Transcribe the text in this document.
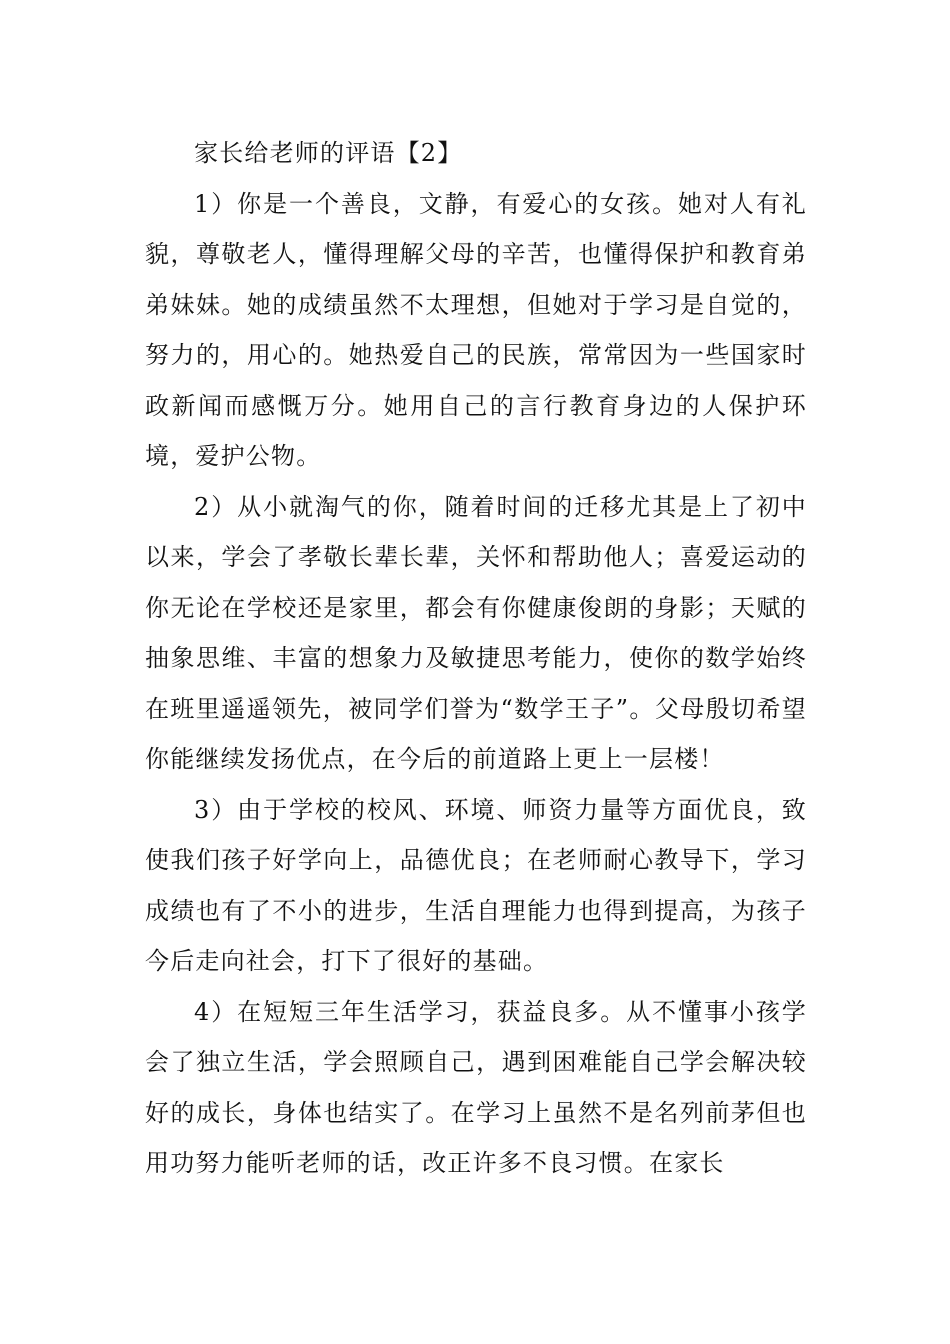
家长给老师的评语【2】

1）你是一个善良，文静，有爱心的女孩。她对人有礼貌，尊敬老人，懂得理解父母的辛苦，也懂得保护和教育弟弟妹妹。她的成绩虽然不太理想，但她对于学习是自觉的，努力的，用心的。她热爱自己的民族，常常因为一些国家时政新闻而感慨万分。她用自己的言行教育身边的人保护环境，爱护公物。

2）从小就淘气的你，随着时间的迁移尤其是上了初中以来，学会了孝敬长辈长辈，关怀和帮助他人；喜爱运动的你无论在学校还是家里，都会有你健康俊朗的身影；天赋的抽象思维、丰富的想象力及敏捷思考能力，使你的数学始终在班里遥遥领先，被同学们誉为“数学王子”。父母殷切希望你能继续发扬优点，在今后的前道路上更上一层楼！

3）由于学校的校风、环境、师资力量等方面优良，致使我们孩子好学向上，品德优良；在老师耐心教导下，学习成绩也有了不小的进步，生活自理能力也得到提高，为孩子今后走向社会，打下了很好的基础。

4）在短短三年生活学习，获益良多。从不懂事小孩学会了独立生活，学会照顾自己，遇到困难能自己学会解决较好的成长，身体也结实了。在学习上虽然不是名列前茅但也用功努力能听老师的话，改正许多不良习惯。在家长
